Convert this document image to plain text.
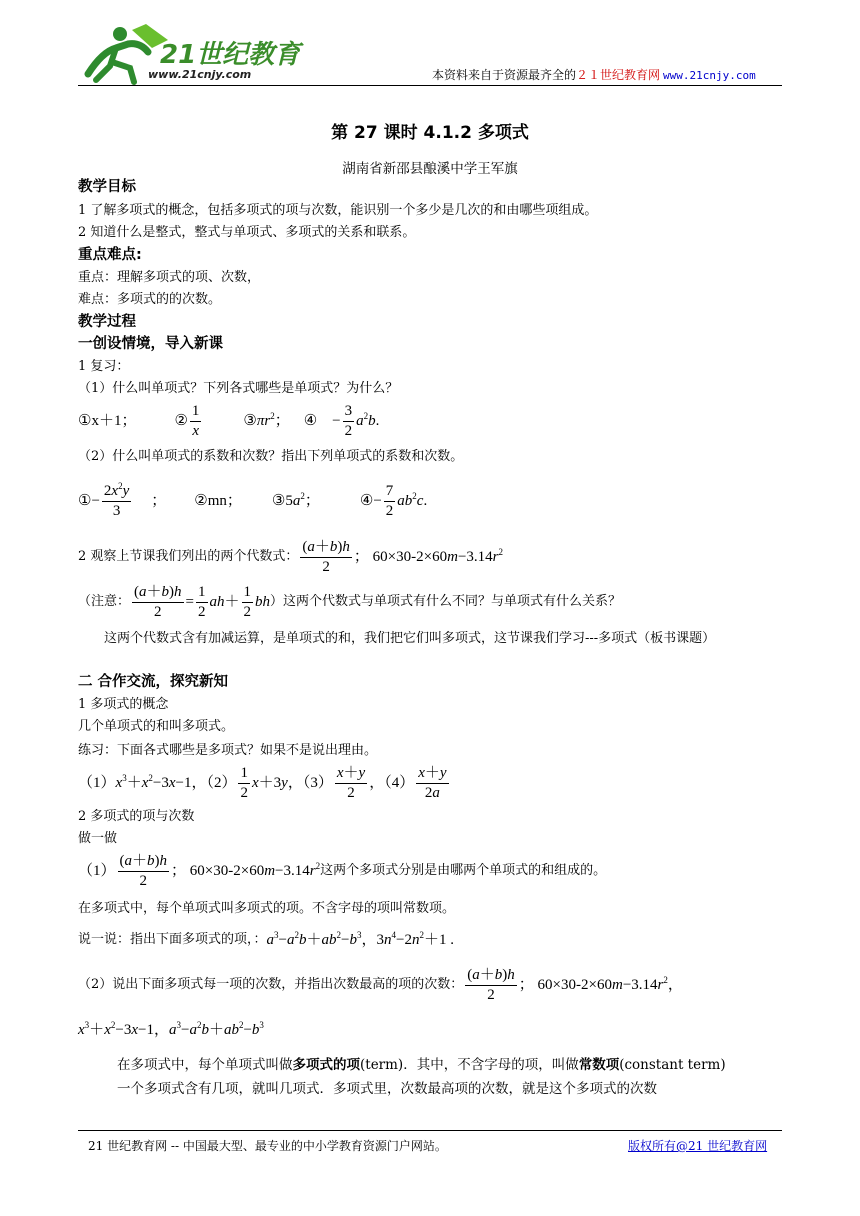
21世纪教育
www.21cnjy.com	本资料来自于资源最齐全的２１世纪教育网 www.21cnjy.com
第 27 课时 4.1.2 多项式
湖南省新邵县酿溪中学王军旗
教学目标
1 了解多项式的概念，包括多项式的项与次数，能识别一个多少是几次的和由哪些项组成。
2 知道什么是整式，整式与单项式、多项式的关系和联系。
重点难点:
重点：理解多项式的项、次数，
难点：多项式的的次数。
教学过程
一创设情境，导入新课
1 复习：
（1）什么叫单项式？下列各式哪些是单项式？为什么？
①x＋1；	② $\frac{1}{x}$	③ $\pi r^2$ ； ④　− $\frac{3}{2} a^2b$ .
（2）什么叫单项式的系数和次数？指出下列单项式的系数和次数。
①− $\frac{2x^2y}{3}$ ； ②mn； ③5 $a^2$ ；	④− $\frac{7}{2} ab^2c$ .
2 观察上节课我们列出的两个代数式： $\frac{(a+b)h}{2}$ ； 60×30-2×60 m −3.14 $r^2$
（注意： $\frac{(a+b)h}{2} = \frac{1}{2}$ ah ＋ $\frac{1}{2}$ bh ）这两个代数式与单项式有什么不同？与单项式有什么关系？
这两个代数式含有加减运算，是单项式的和，我们把它们叫多项式，这节课我们学习---多项式（板书课题）
二 合作交流，探究新知
1 多项式的概念
几个单项式的和叫多项式。
练习：下面各式哪些是多项式？如果不是说出理由。
（1） $x^3 + x^2 -3$ x −1，$(2) \frac{1}{2}$ x ＋3 y ，$(3) \frac{x+y}{2}$ ，$(4) \frac{x+y}{2a}$
2 多项式的项与次数
做一做
$(1) \frac{(a+b)h}{2}$ ； 60×30-2×60 m −3.14 $r^2$ 这两个多项式分别是由哪两个单项式的和组成的。
在多项式中，每个单项式叫多项式的项。不含字母的项叫常数项。
说一说：指出下面多项式的项，： $a^3 - a^2b + ab^2 - b^3$ ，3 $n^4 -2$ $n^2 +1$ .
（2）说出下面多项式每一项的次数，并指出次数最高的项的次数： $\frac{(a+b)h}{2}$ ； 60×30-2×60 m −3.14 $r^2$ ，
$x^3 + x^2 -3$ x −1， $a^3 - a^2b + ab^2 - b^3$
在多项式中，每个单项式叫做多项式的项(term)．其中，不含字母的项，叫做常数项(constant term)
一个多项式含有几项，就叫几项式．多项式里，次数最高项的次数，就是这个多项式的次数
21 世纪教育网 -- 中国最大型、最专业的中小学教育资源门户网站。	版权所有@21 世纪教育网
